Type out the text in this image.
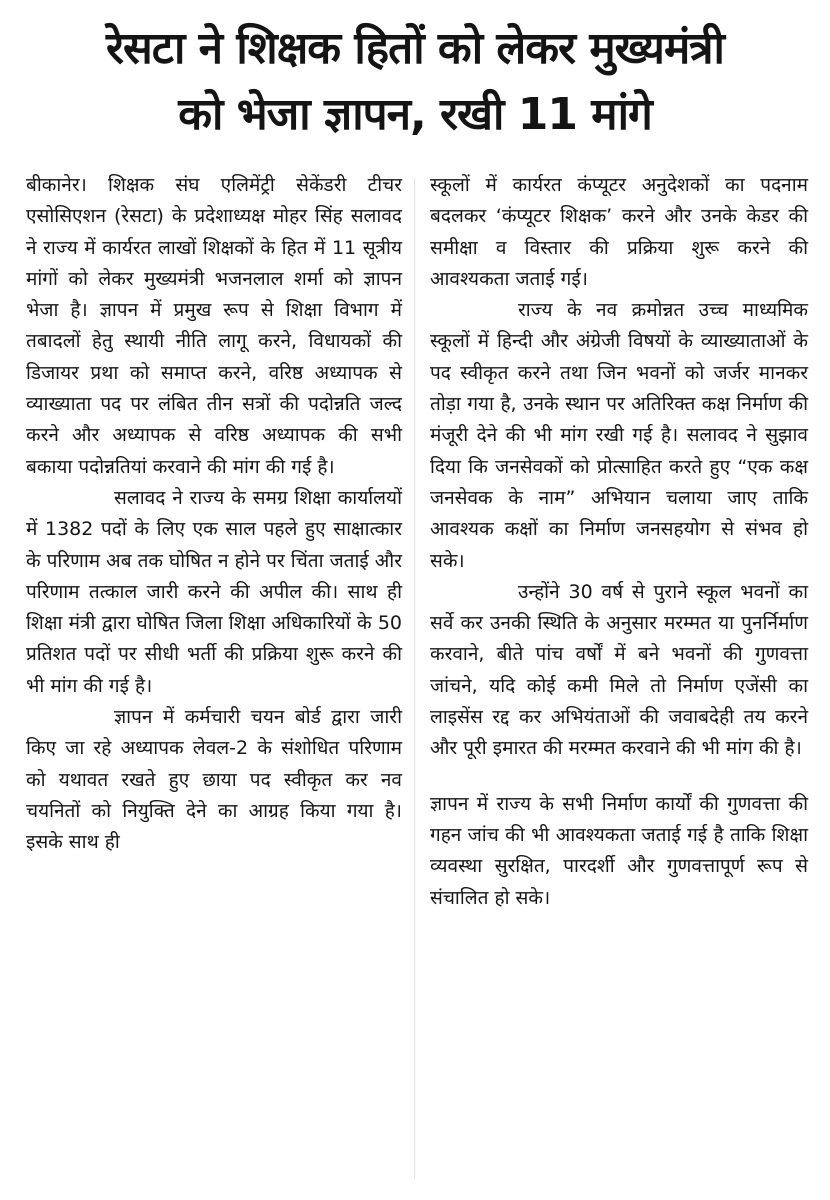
रेसटा ने शिक्षक हितों को लेकर मुख्यमंत्री
को भेजा ज्ञापन, रखी 11 मांगे

बीकानेर। शिक्षक संघ एलिमेंट्री सेकेंडरी टीचर एसोसिएशन (रेसटा) के प्रदेशाध्यक्ष मोहर सिंह सलावद ने राज्य में कार्यरत लाखों शिक्षकों के हित में 11 सूत्रीय मांगों को लेकर मुख्यमंत्री भजनलाल शर्मा को ज्ञापन भेजा है। ज्ञापन में प्रमुख रूप से शिक्षा विभाग में तबादलों हेतु स्थायी नीति लागू करने, विधायकों की डिजायर प्रथा को समाप्त करने, वरिष्ठ अध्यापक से व्याख्याता पद पर लंबित तीन सत्रों की पदोन्नति जल्द करने और अध्यापक से वरिष्ठ अध्यापक की सभी बकाया पदोन्नतियां करवाने की मांग की गई है।

सलावद ने राज्य के समग्र शिक्षा कार्यालयों में 1382 पदों के लिए एक साल पहले हुए साक्षात्कार के परिणाम अब तक घोषित न होने पर चिंता जताई और परिणाम तत्काल जारी करने की अपील की। साथ ही शिक्षा मंत्री द्वारा घोषित जिला शिक्षा अधिकारियों के 50 प्रतिशत पदों पर सीधी भर्ती की प्रक्रिया शुरू करने की भी मांग की गई है।

ज्ञापन में कर्मचारी चयन बोर्ड द्वारा जारी किए जा रहे अध्यापक लेवल-2 के संशोधित परिणाम को यथावत रखते हुए छाया पद स्वीकृत कर नव चयनितों को नियुक्ति देने का आग्रह किया गया है। इसके साथ ही

स्कूलों में कार्यरत कंप्यूटर अनुदेशकों का पदनाम बदलकर ‘कंप्यूटर शिक्षक’ करने और उनके केडर की समीक्षा व विस्तार की प्रक्रिया शुरू करने की आवश्यकता जताई गई।

राज्य के नव क्रमोन्नत उच्च माध्यमिक स्कूलों में हिन्दी और अंग्रेजी विषयों के व्याख्याताओं के पद स्वीकृत करने तथा जिन भवनों को जर्जर मानकर तोड़ा गया है, उनके स्थान पर अतिरिक्त कक्ष निर्माण की मंजूरी देने की भी मांग रखी गई है। सलावद ने सुझाव दिया कि जनसेवकों को प्रोत्साहित करते हुए “एक कक्ष जनसेवक के नाम” अभियान चलाया जाए ताकि आवश्यक कक्षों का निर्माण जनसहयोग से संभव हो सके।

उन्होंने 30 वर्ष से पुराने स्कूल भवनों का सर्वे कर उनकी स्थिति के अनुसार मरम्मत या पुनर्निर्माण करवाने, बीते पांच वर्षों में बने भवनों की गुणवत्ता जांचने, यदि कोई कमी मिले तो निर्माण एजेंसी का लाइसेंस रद्द कर अभियंताओं की जवाबदेही तय करने और पूरी इमारत की मरम्मत करवाने की भी मांग की है।

ज्ञापन में राज्य के सभी निर्माण कार्यों की गुणवत्ता की गहन जांच की भी आवश्यकता जताई गई है ताकि शिक्षा व्यवस्था सुरक्षित, पारदर्शी और गुणवत्तापूर्ण रूप से संचालित हो सके।
